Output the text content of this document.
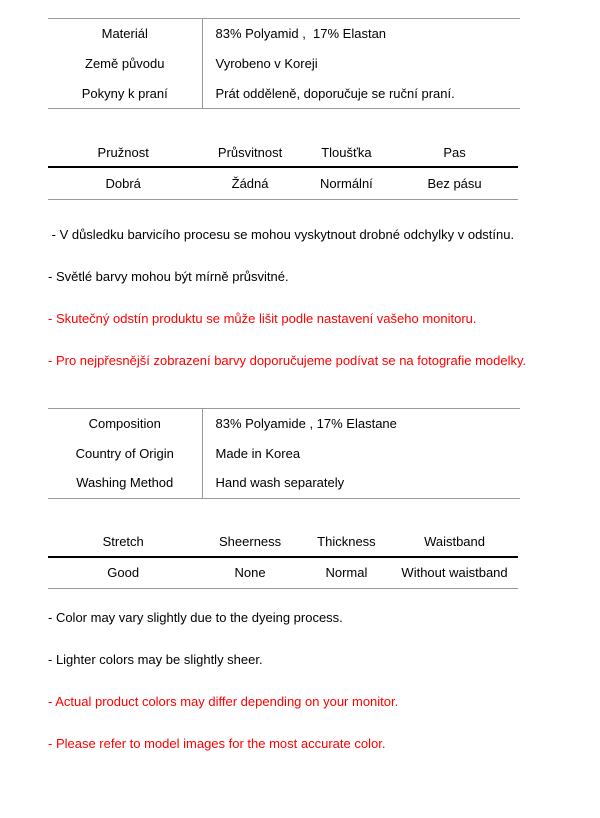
Materiál	83% Polyamid ,  17% Elastan
Země původu	Vyrobeno v Koreji
Pokyny k praní	Prát odděleně, doporučuje se ruční praní.
Pružnost	Průsvitnost	Tloušťka	Pas
Dobrá	Žádná	Normální	Bez pásu

- V důsledku barvicího procesu se mohou vyskytnout drobné odchylky v odstínu.

- Světlé barvy mohou být mírně průsvitné.

- Skutečný odstín produktu se může lišit podle nastavení vašeho monitoru.

- Pro nejpřesnější zobrazení barvy doporučujeme podívat se na fotografie modelky.

Composition	83% Polyamide , 17% Elastane
Country of Origin	Made in Korea
Washing Method	Hand wash separately
Stretch	Sheerness	Thickness	Waistband
Good	None	Normal	Without waistband

- Color may vary slightly due to the dyeing process.

- Lighter colors may be slightly sheer.

- Actual product colors may differ depending on your monitor.

- Please refer to model images for the most accurate color.
